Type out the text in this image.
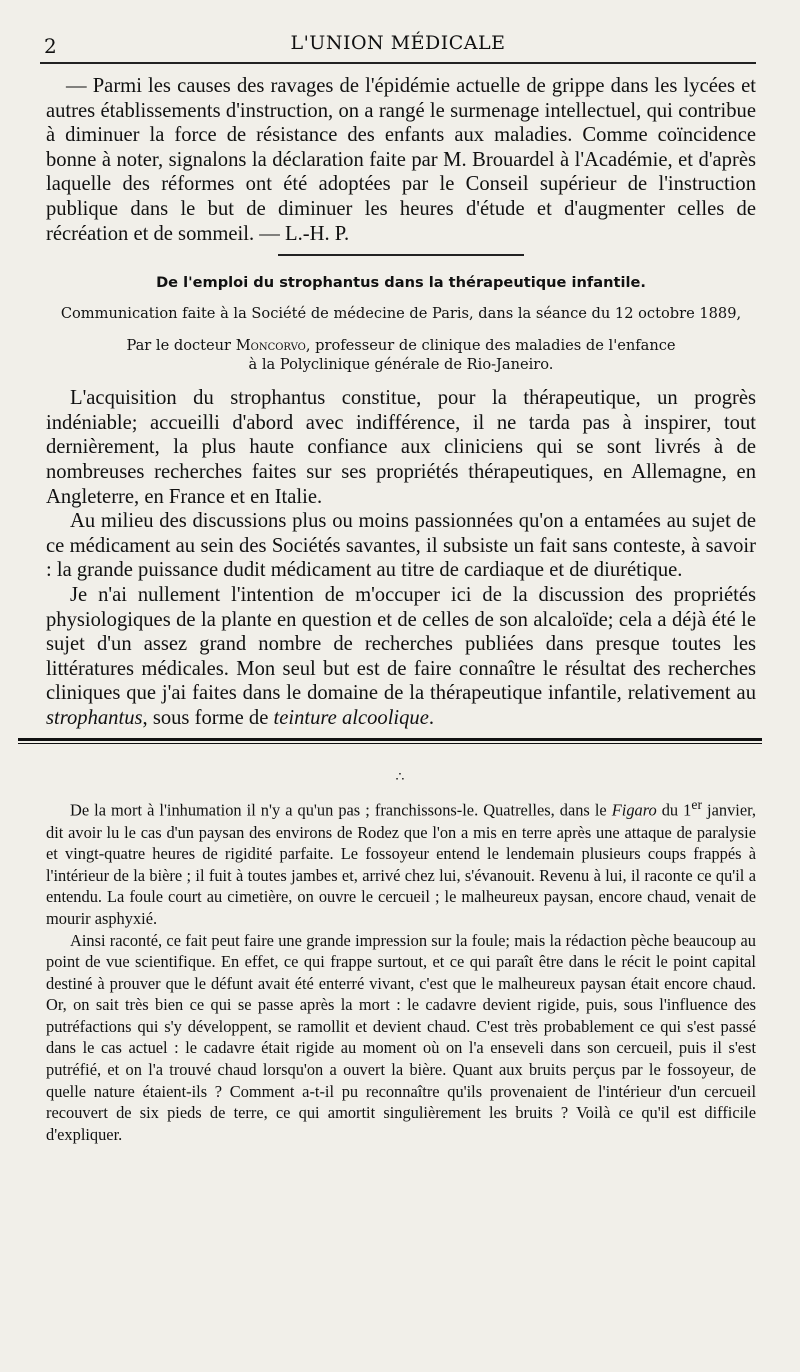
2	L'UNION MÉDICALE

— Parmi les causes des ravages de l'épidémie actuelle de grippe dans les lycées et autres établissements d'instruction, on a rangé le surmenage intellectuel, qui contribue à diminuer la force de résistance des enfants aux maladies. Comme coïncidence bonne à noter, signalons la déclaration faite par M. Brouardel à l'Académie, et d'après laquelle des réformes ont été adoptées par le Conseil supérieur de l'instruction publique dans le but de diminuer les heures d'étude et d'augmenter celles de récréation et de sommeil. — L.-H. P.

De l'emploi du strophantus dans la thérapeutique infantile.

Communication faite à la Société de médecine de Paris, dans la séance du 12 octobre 1889,

Par le docteur Moncorvo, professeur de clinique des maladies de l'enfance
à la Polyclinique générale de Rio-Janeiro.

L'acquisition du strophantus constitue, pour la thérapeutique, un progrès indéniable; accueilli d'abord avec indifférence, il ne tarda pas à inspirer, tout dernièrement, la plus haute confiance aux cliniciens qui se sont livrés à de nombreuses recherches faites sur ses propriétés thérapeutiques, en Allemagne, en Angleterre, en France et en Italie.

Au milieu des discussions plus ou moins passionnées qu'on a entamées au sujet de ce médicament au sein des Sociétés savantes, il subsiste un fait sans conteste, à savoir : la grande puissance dudit médicament au titre de cardiaque et de diurétique.

Je n'ai nullement l'intention de m'occuper ici de la discussion des propriétés physiologiques de la plante en question et de celles de son alcaloïde; cela a déjà été le sujet d'un assez grand nombre de recherches publiées dans presque toutes les littératures médicales. Mon seul but est de faire connaître le résultat des recherches cliniques que j'ai faites dans le domaine de la thérapeutique infantile, relativement au strophantus, sous forme de teinture alcoolique.

∴

De la mort à l'inhumation il n'y a qu'un pas ; franchissons-le. Quatrelles, dans le Figaro du 1er janvier, dit avoir lu le cas d'un paysan des environs de Rodez que l'on a mis en terre après une attaque de paralysie et vingt-quatre heures de rigidité parfaite. Le fossoyeur entend le lendemain plusieurs coups frappés à l'intérieur de la bière ; il fuit à toutes jambes et, arrivé chez lui, s'évanouit. Revenu à lui, il raconte ce qu'il a entendu. La foule court au cimetière, on ouvre le cercueil ; le malheureux paysan, encore chaud, venait de mourir asphyxié.

Ainsi raconté, ce fait peut faire une grande impression sur la foule; mais la rédaction pèche beaucoup au point de vue scientifique. En effet, ce qui frappe surtout, et ce qui paraît être dans le récit le point capital destiné à prouver que le défunt avait été enterré vivant, c'est que le malheureux paysan était encore chaud. Or, on sait très bien ce qui se passe après la mort : le cadavre devient rigide, puis, sous l'influence des putréfactions qui s'y développent, se ramollit et devient chaud. C'est très probablement ce qui s'est passé dans le cas actuel : le cadavre était rigide au moment où on l'a enseveli dans son cercueil, puis il s'est putréfié, et on l'a trouvé chaud lorsqu'on a ouvert la bière. Quant aux bruits perçus par le fossoyeur, de quelle nature étaient-ils ? Comment a-t-il pu reconnaître qu'ils provenaient de l'intérieur d'un cercueil recouvert de six pieds de terre, ce qui amortit singulièrement les bruits ? Voilà ce qu'il est difficile d'expliquer.
